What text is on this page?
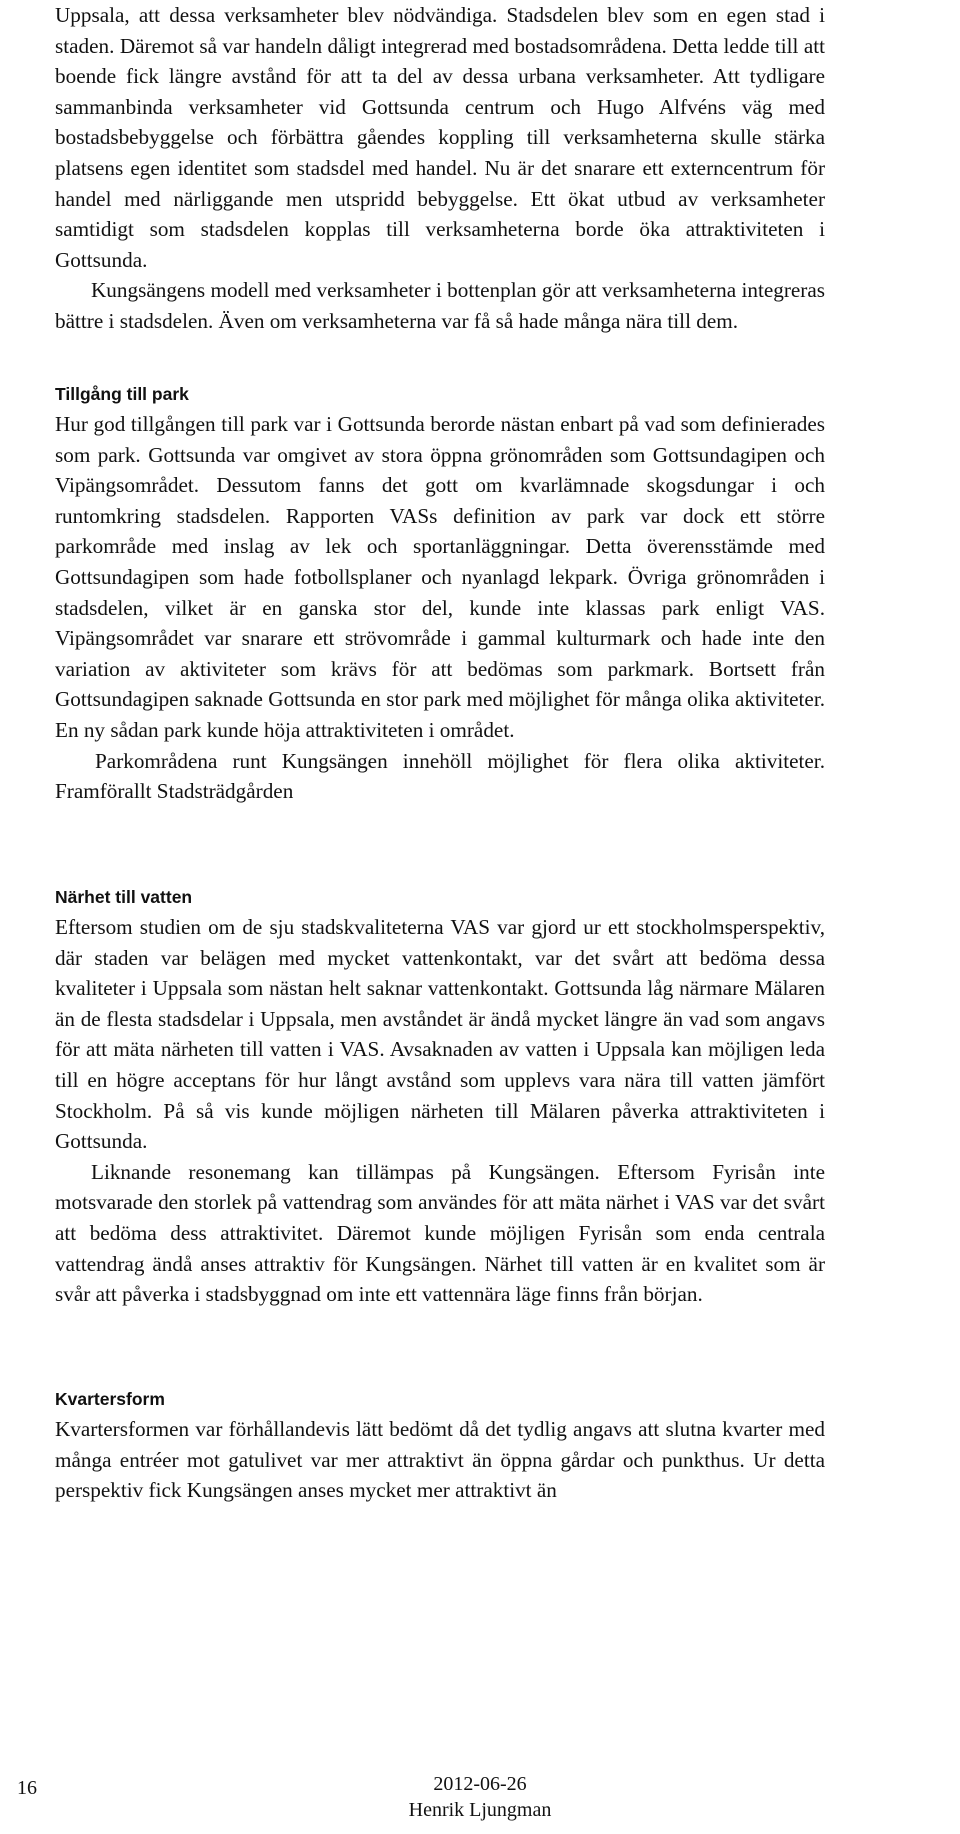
Uppsala, att dessa verksamheter blev nödvändiga. Stadsdelen blev som en egen stad i staden. Däremot så var handeln dåligt integrerad med bostadsområdena. Detta ledde till att boende fick längre avstånd för att ta del av dessa urbana verksamheter. Att tydligare sammanbinda verksamheter vid Gottsunda centrum och Hugo Alfvéns väg med bostadsbebyggelse och förbättra gåendes koppling till verksamheterna skulle stärka platsens egen identitet som stadsdel med handel. Nu är det snarare ett externcentrum för handel med närliggande men utspridd bebyggelse. Ett ökat utbud av verksamheter samtidigt som stadsdelen kopplas till verksamheterna borde öka attraktiviteten i Gottsunda.

Kungsängens modell med verksamheter i bottenplan gör att verksamheterna integreras bättre i stadsdelen. Även om verksamheterna var få så hade många nära till dem.

Tillgång till park

Hur god tillgången till park var i Gottsunda berorde nästan enbart på vad som definierades som park. Gottsunda var omgivet av stora öppna grönområden som Gottsundagipen och Vipängsområdet. Dessutom fanns det gott om kvarlämnade skogsdungar i och runtomkring stadsdelen. Rapporten VASs definition av park var dock ett större parkområde med inslag av lek och sportanläggningar. Detta överensstämde med Gottsundagipen som hade fotbollsplaner och nyanlagd lekpark. Övriga grönområden i stadsdelen, vilket är en ganska stor del, kunde inte klassas park enligt VAS. Vipängsområdet var snarare ett strövområde i gammal kulturmark och hade inte den variation av aktiviteter som krävs för att bedömas som parkmark. Bortsett från Gottsundagipen saknade Gottsunda en stor park med möjlighet för många olika aktiviteter. En ny sådan park kunde höja attraktiviteten i området.

Parkområdena runt Kungsängen innehöll möjlighet för flera olika aktiviteter. Framförallt Stadsträdgården

Närhet till vatten

Eftersom studien om de sju stadskvaliteterna VAS var gjord ur ett stockholmsperspektiv, där staden var belägen med mycket vattenkontakt, var det svårt att bedöma dessa kvaliteter i Uppsala som nästan helt saknar vattenkontakt. Gottsunda låg närmare Mälaren än de flesta stadsdelar i Uppsala, men avståndet är ändå mycket längre än vad som angavs för att mäta närheten till vatten i VAS. Avsaknaden av vatten i Uppsala kan möjligen leda till en högre acceptans för hur långt avstånd som upplevs vara nära till vatten jämfört Stockholm. På så vis kunde möjligen närheten till Mälaren påverka attraktiviteten i Gottsunda.

Liknande resonemang kan tillämpas på Kungsängen. Eftersom Fyrisån inte motsvarade den storlek på vattendrag som användes för att mäta närhet i VAS var det svårt att bedöma dess attraktivitet. Däremot kunde möjligen Fyrisån som enda centrala vattendrag ändå anses attraktiv för Kungsängen. Närhet till vatten är en kvalitet som är svår att påverka i stadsbyggnad om inte ett vattennära läge finns från början.

Kvartersform

Kvartersformen var förhållandevis lätt bedömt då det tydlig angavs att slutna kvarter med många entréer mot gatulivet var mer attraktivt än öppna gårdar och punkthus. Ur detta perspektiv fick Kungsängen anses mycket mer attraktivt än

16	2012-06-26
Henrik Ljungman
